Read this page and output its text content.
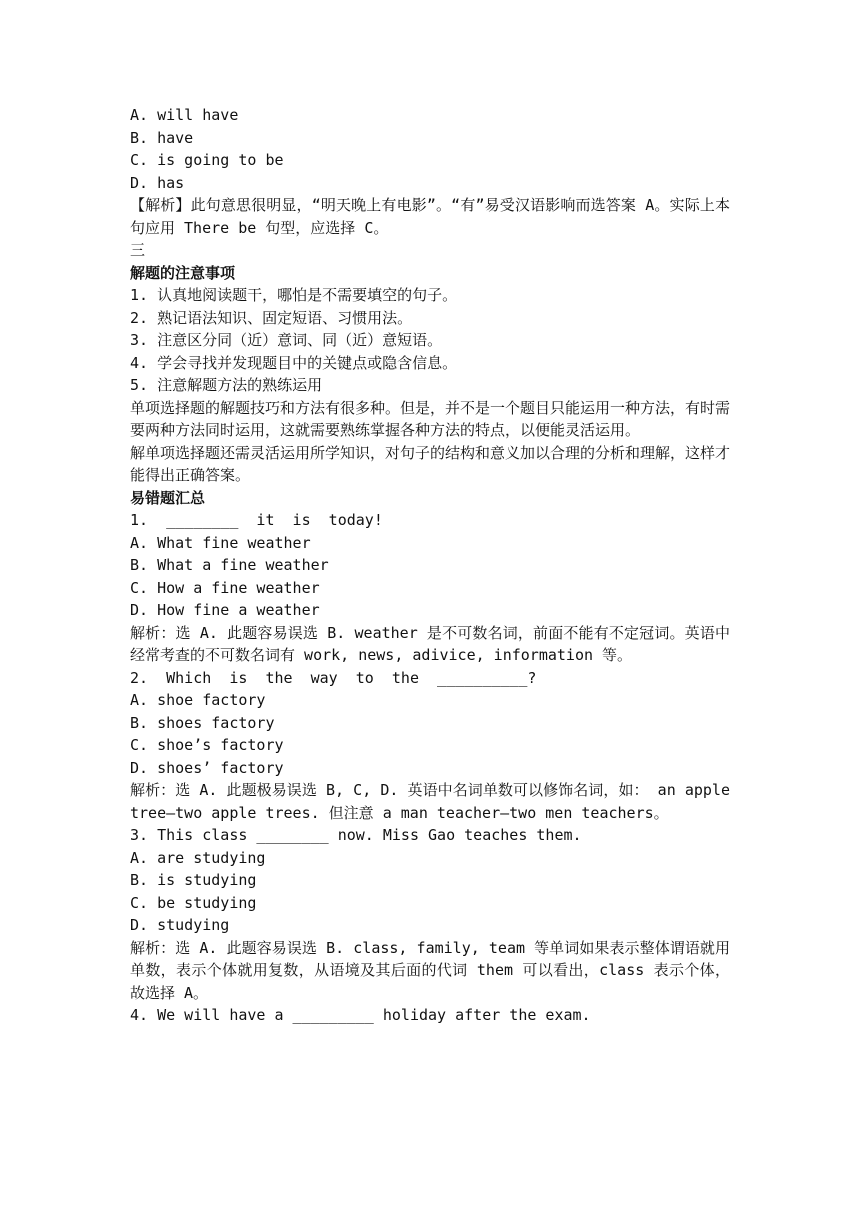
A. will have
B. have
C. is going to be
D. has
【解析】此句意思很明显，“明天晚上有电影”。“有”易受汉语影响而选答案 A。实际上本句应用 There be 句型，应选择 C。
三
解题的注意事项
1. 认真地阅读题干，哪怕是不需要填空的句子。
2. 熟记语法知识、固定短语、习惯用法。
3. 注意区分同（近）意词、同（近）意短语。
4. 学会寻找并发现题目中的关键点或隐含信息。
5. 注意解题方法的熟练运用
单项选择题的解题技巧和方法有很多种。但是，并不是一个题目只能运用一种方法，有时需要两种方法同时运用，这就需要熟练掌握各种方法的特点，以便能灵活运用。
解单项选择题还需灵活运用所学知识，对句子的结构和意义加以合理的分析和理解，这样才能得出正确答案。
易错题汇总
1.  ________  it  is  today!
A. What fine weather
B. What a fine weather
C. How a fine weather
D. How fine a weather
解析：选 A. 此题容易误选 B. weather 是不可数名词，前面不能有不定冠词。英语中经常考查的不可数名词有 work, news, adivice, information 等。
2.  Which  is  the  way  to  the  __________?
A. shoe factory
B. shoes factory
C. shoe’s factory
D. shoes’ factory
解析：选 A. 此题极易误选 B, C, D. 英语中名词单数可以修饰名词，如： an apple tree—two apple trees. 但注意 a man teacher—two men teachers。
3. This class ________ now. Miss Gao teaches them.
A. are studying
B. is studying
C. be studying
D. studying
解析：选 A. 此题容易误选 B. class, family, team 等单词如果表示整体谓语就用单数，表示个体就用复数，从语境及其后面的代词 them 可以看出，class 表示个体，故选择 A。
4. We will have a _________ holiday after the exam.
